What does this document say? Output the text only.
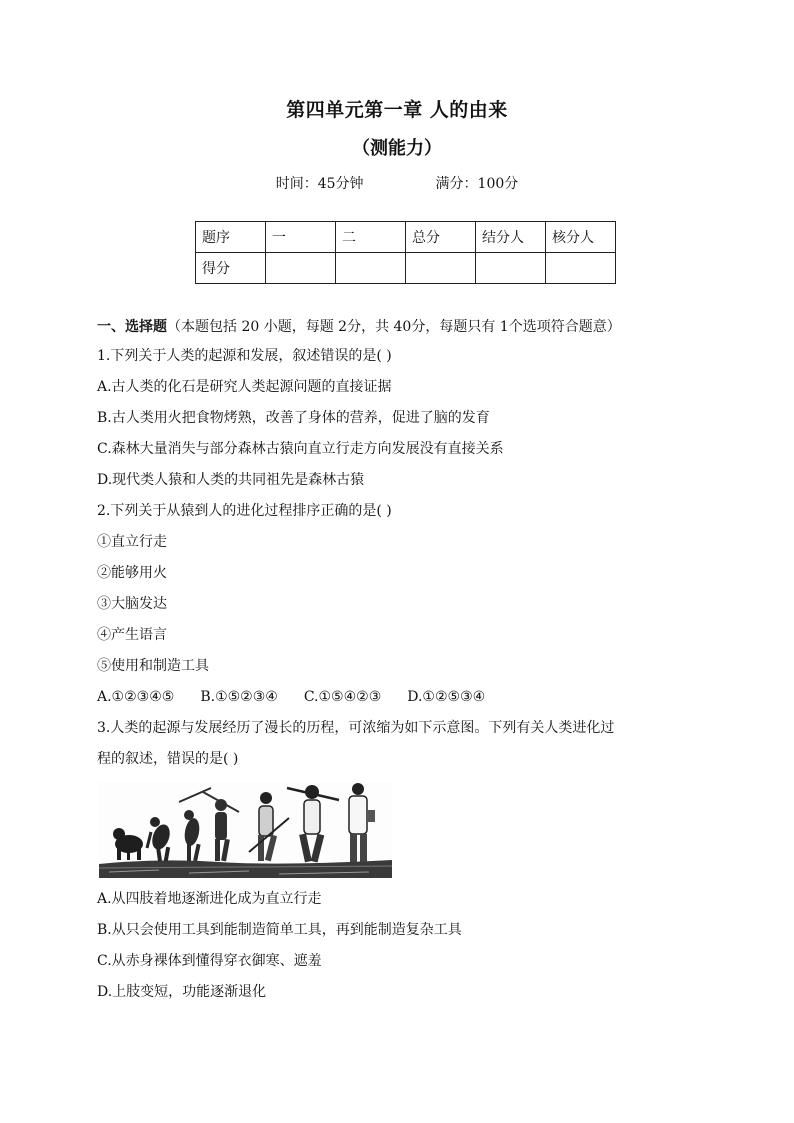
第四单元第一章 人的由来
（测能力）
时间：45分钟	满分：100分
题序	一	二	总分	结分人	核分人
得分					
一、选择题（本题包括 20 小题，每题 2分，共 40分，每题只有 1个选项符合题意）
1.下列关于人类的起源和发展，叙述错误的是( )
A.古人类的化石是研究人类起源问题的直接证据
B.古人类用火把食物烤熟，改善了身体的营养，促进了脑的发育
C.森林大量消失与部分森林古猿向直立行走方向发展没有直接关系
D.现代类人猿和人类的共同祖先是森林古猿
2.下列关于从猿到人的进化过程排序正确的是( )
①直立行走
②能够用火
③大脑发达
④产生语言
⑤使用和制造工具
A.①②③④⑤ B.①⑤②③④ C.①⑤④②③ D.①②⑤③④
3.人类的起源与发展经历了漫长的历程，可浓缩为如下示意图。下列有关人类进化过
程的叙述，错误的是( )
A.从四肢着地逐渐进化成为直立行走
B.从只会使用工具到能制造简单工具，再到能制造复杂工具
C.从赤身裸体到懂得穿衣御寒、遮羞
D.上肢变短，功能逐渐退化
